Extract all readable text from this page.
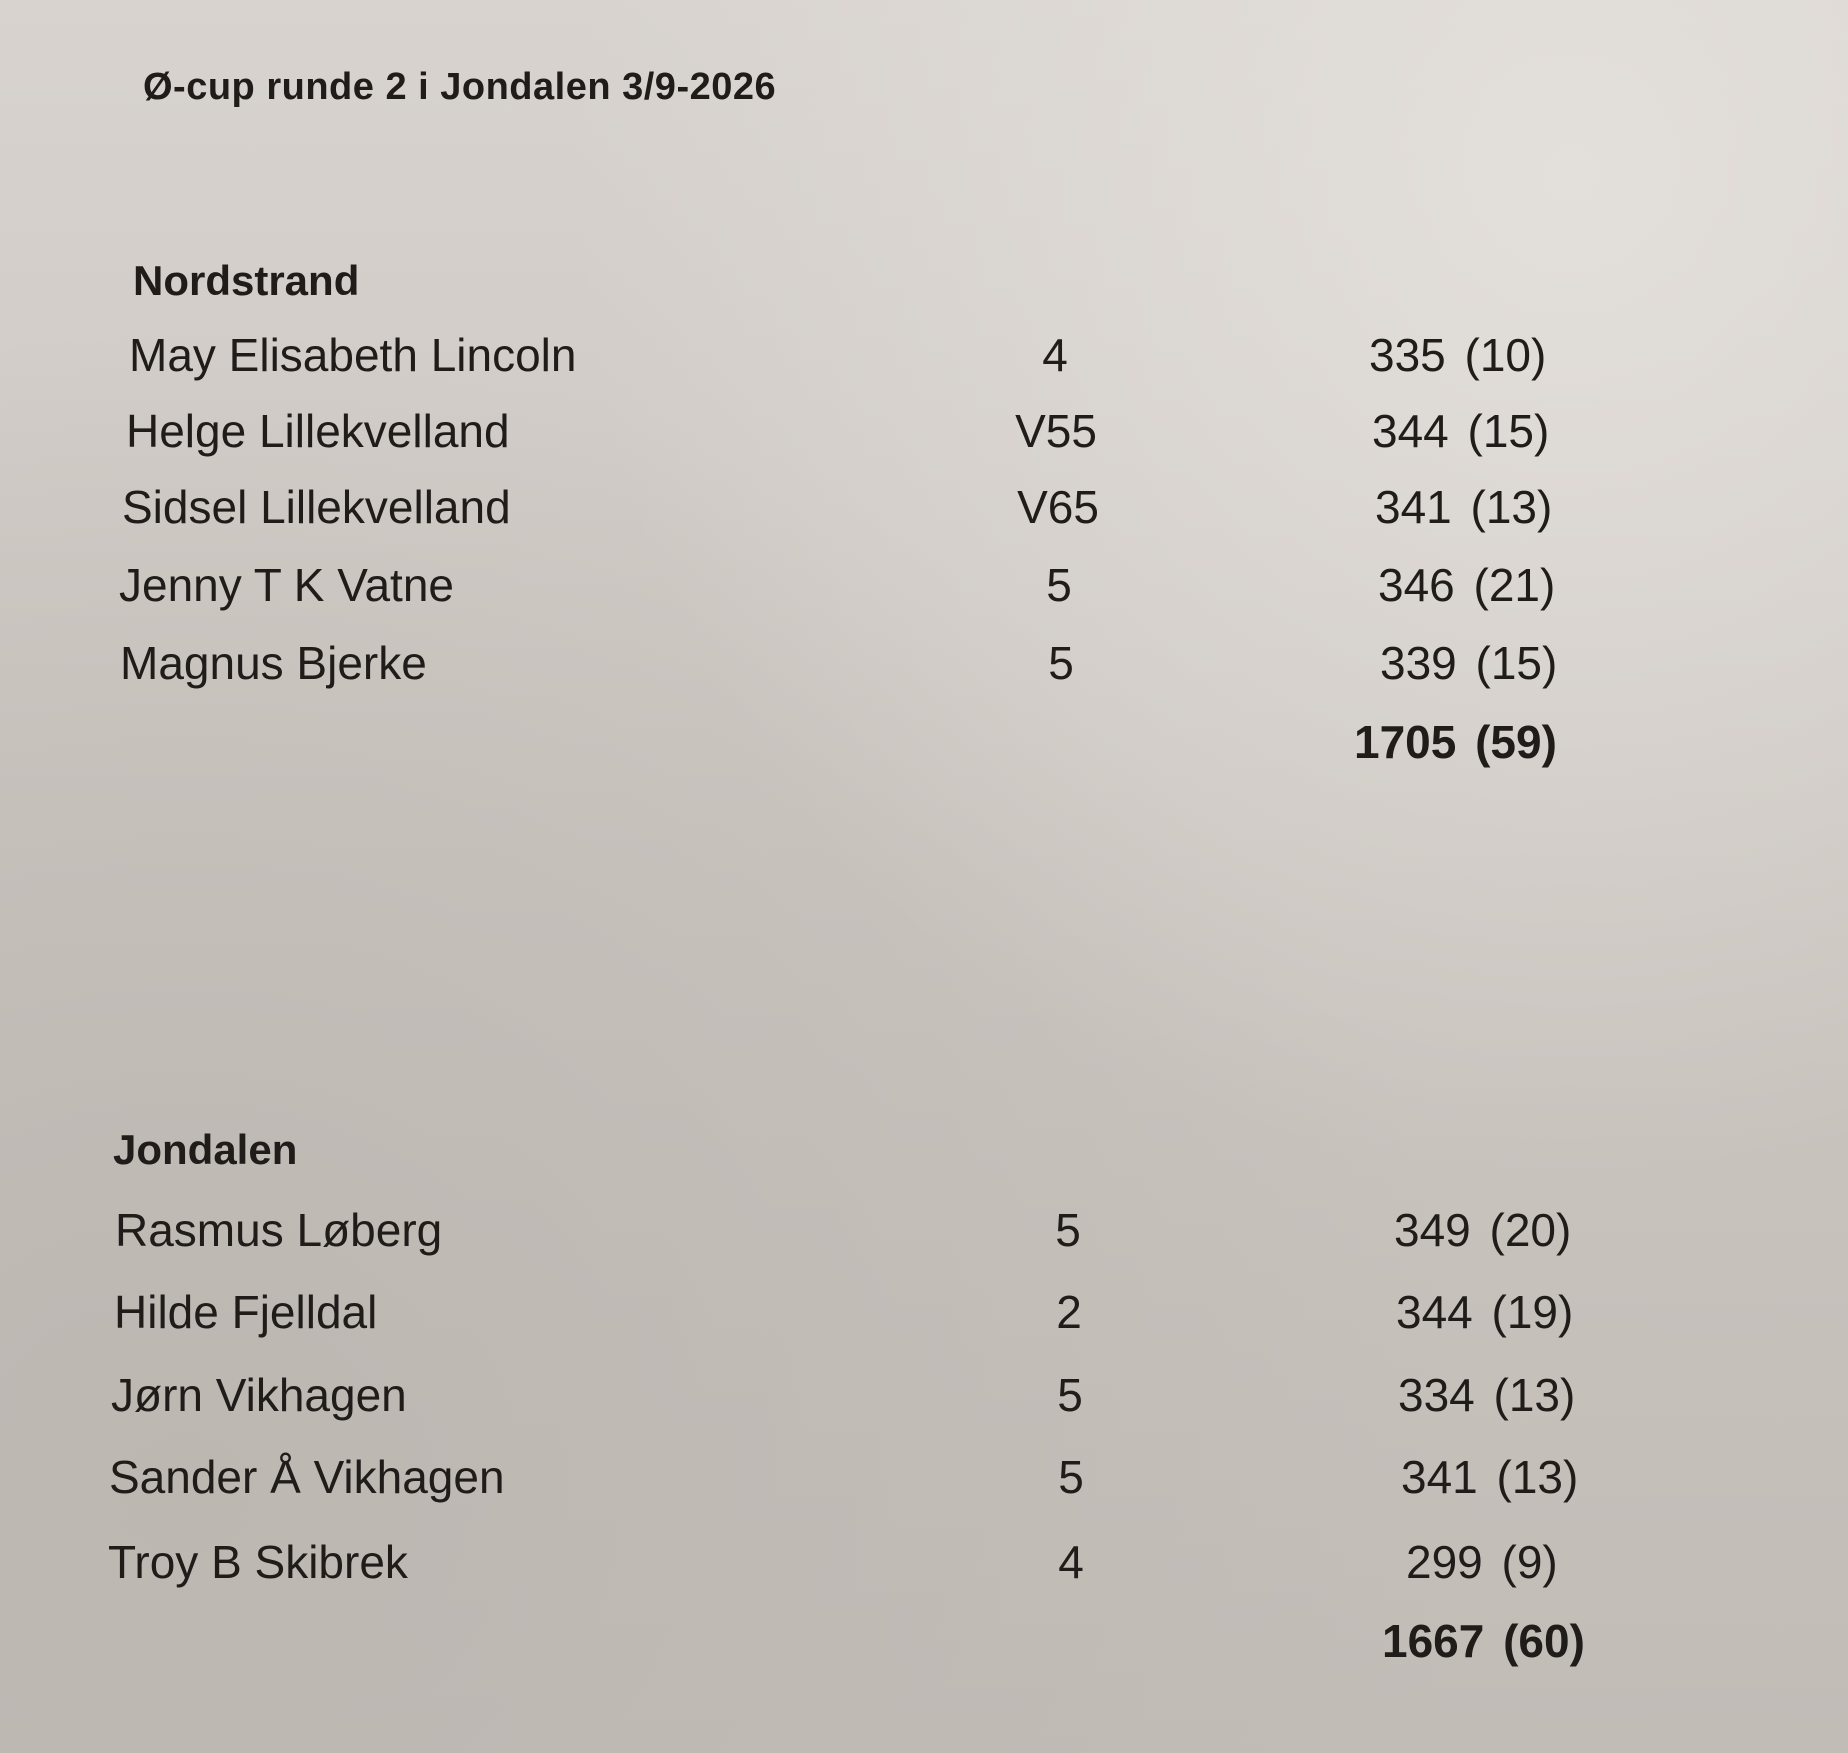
Ø-cup runde 2 i Jondalen 3/9-2026
Nordstrand
May Elisabeth Lincoln	4	335 (10)
Helge Lillekvelland	V55	344 (15)
Sidsel Lillekvelland	V65	341 (13)
Jenny T K Vatne	5	346 (21)
Magnus Bjerke	5	339 (15)
1705 (59)
Jondalen
Rasmus Løberg	5	349 (20)
Hilde Fjelldal	2	344 (19)
Jørn Vikhagen	5	334 (13)
Sander Å Vikhagen	5	341 (13)
Troy B Skibrek	4	299 (9)
1667 (60)
